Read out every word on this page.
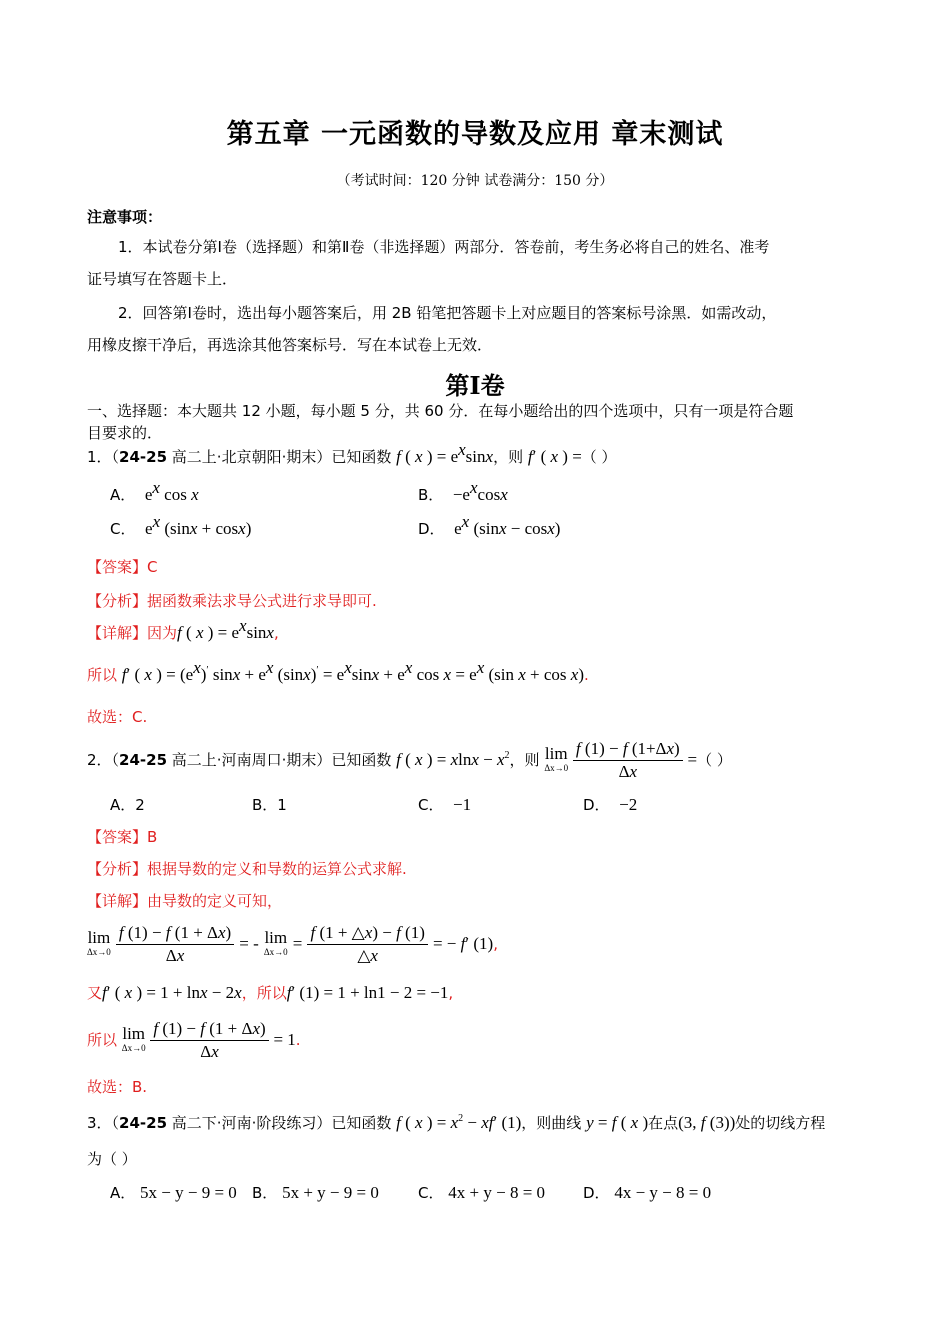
第五章 一元函数的导数及应用 章末测试
（考试时间：120 分钟 试卷满分：150 分）
注意事项：
1．本试卷分第Ⅰ卷（选择题）和第Ⅱ卷（非选择题）两部分．答卷前，考生务必将自己的姓名、准考
证号填写在答题卡上．
2．回答第Ⅰ卷时，选出每小题答案后，用 2B 铅笔把答题卡上对应题目的答案标号涂黑．如需改动，
用橡皮擦干净后，再选涂其他答案标号．写在本试卷上无效．
第Ⅰ卷
一、选择题：本大题共 12 小题，每小题 5 分，共 60 分．在每小题给出的四个选项中，只有一项是符合题
目要求的．
1．（24-25 高二上·北京朝阳·期末）已知函数 f ( x ) = $e^x\sin x$，则 f′ ( x ) =（ ）
A． $e^x$ cos x	B． $-e^x\cos x$
C． $e^x$ (sinx + cosx)	D． $e^x$ (sinx − cosx)
【答案】C
【分析】据函数乘法求导公式进行求导即可.
【详解】因为f ( x ) = $e^x\sin x$,
所以 f′ ( x ) = $(e^x)'$ $\sin x + e^x$ $(\sin x)' = e^x\sin x + e^x$ $\cos x = e^x$ (sin x + cos x).
故选：C.
2．（24-25 高二上·河南周口·期末）已知函数 f ( x ) = $xlnx - x^2$，则 lim
Δx→0
$\frac{f (1) - f (1+\Delta x)}{\Delta x}$ =（ ）
A．2	B．1	C． −1	D． −2
【答案】B
【分析】根据导数的定义和导数的运算公式求解.
【详解】由导数的定义可知，
lim
Δx→0
$\frac{f (1) - f (1 + \Delta x)}{\Delta x}$ = - lim
$\Delta x\to 0 = \frac{f (1 + \triangle x) - f (1)}{\triangle x}$ = − f′ (1),
又f′ ( x ) = 1 + lnx − 2x，所以f′ (1) = 1 + ln1 − 2 = −1,
所以 lim
Δx→0
$\frac{f (1) - f (1 + \Delta x)}{\Delta x} = 1$.
故选：B.
3．（24-25 高二下·河南·阶段练习）已知函数 f ( x ) = $x^2 - xf'$ (1)，则曲线 y = f ( x )在点(3, f (3))处的切线方程
为（ ）
A． 5x − y − 9 = 0 B． 5x + y − 9 = 0	C． 4x + y − 8 = 0	D． 4x − y − 8 = 0
